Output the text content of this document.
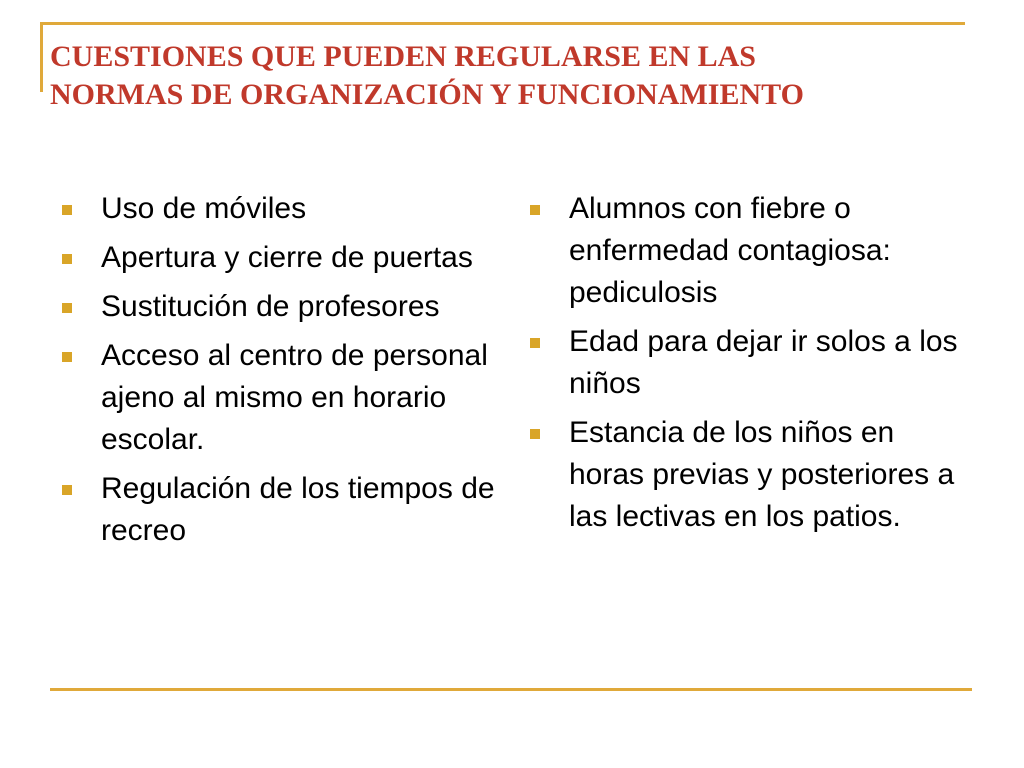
CUESTIONES QUE PUEDEN REGULARSE EN LAS
NORMAS DE ORGANIZACIÓN Y FUNCIONAMIENTO
Uso de móviles
Apertura y cierre de puertas
Sustitución de profesores
Acceso al centro de personal ajeno al mismo en horario escolar.
Regulación de los tiempos de recreo
Alumnos con fiebre o enfermedad contagiosa: pediculosis
Edad para dejar ir solos a los niños
Estancia de los niños en horas previas y posteriores a las lectivas en los patios.
